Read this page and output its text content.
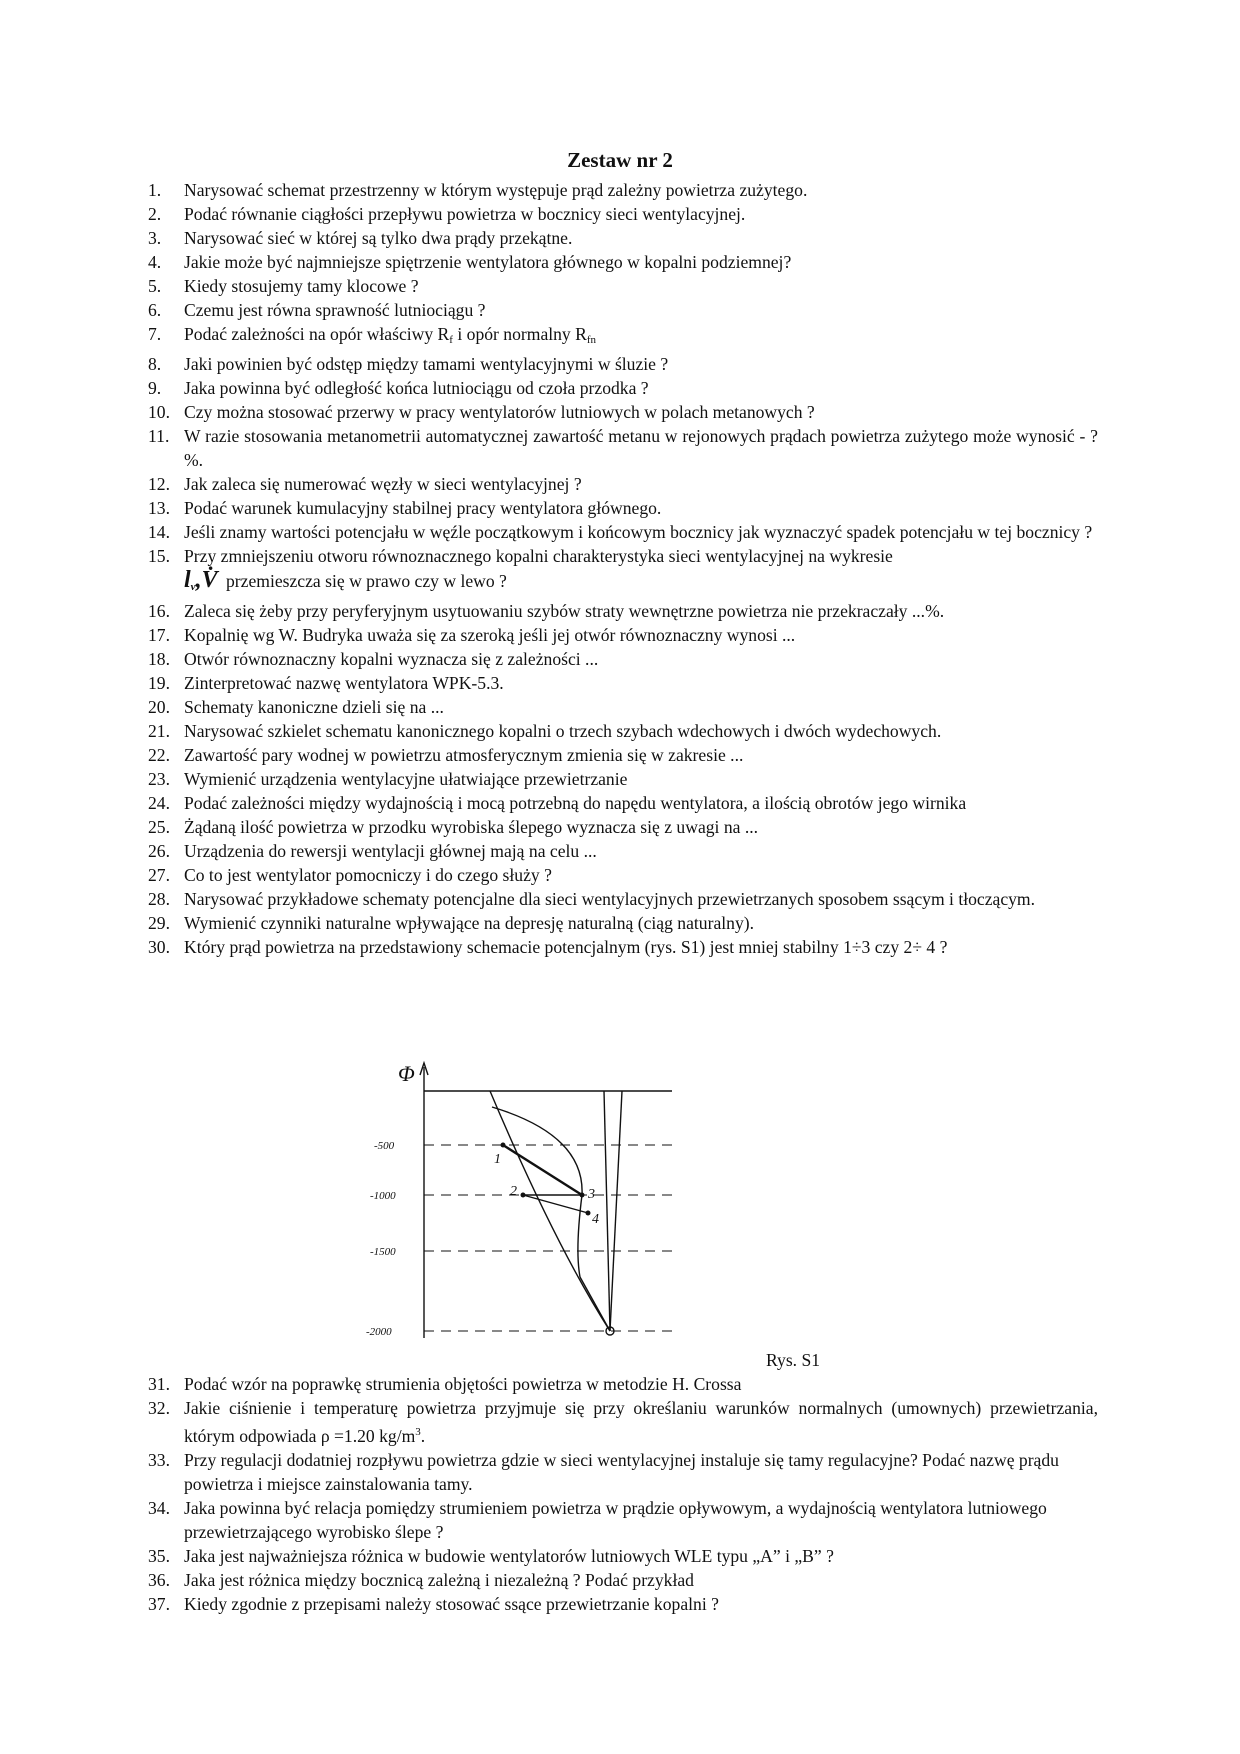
Zestaw nr 2
1.	Narysować schemat przestrzenny w którym występuje prąd zależny powietrza zużytego.
2.	Podać równanie ciągłości przepływu powietrza w bocznicy sieci wentylacyjnej.
3.	Narysować sieć w której są tylko dwa prądy przekątne.
4.	Jakie może być najmniejsze spiętrzenie wentylatora głównego w kopalni podziemnej?
5.	Kiedy stosujemy tamy klocowe ?
6.	Czemu jest równa sprawność lutniociągu ?
7.	Podać zależności na opór właściwy $R_f$ i opór normalny $R_{fn}$
8.	Jaki powinien być odstęp między tamami wentylacyjnymi w śluzie ?
9.	Jaka powinna być odległość końca lutniociągu od czoła przodka ?
10. Czy można stosować przerwy w pracy wentylatorów lutniowych w polach metanowych ?
11. W razie stosowania metanometrii automatycznej zawartość metanu w rejonowych prądach powietrza zużytego może wynosić - ? %.
12. Jak zaleca się numerować węzły w sieci wentylacyjnej ?
13. Podać warunek kumulacyjny stabilnej pracy wentylatora głównego.
14. Jeśli znamy wartości potencjału w węźle początkowym i końcowym bocznicy jak wyznaczyć spadek potencjału w tej bocznicy ?
15. Przy zmniejszeniu otworu równoznacznego kopalni charakterystyka sieci wentylacyjnej na wykresie
$l_v,V̇$ przemieszcza się w prawo czy w lewo ?
16. Zaleca się żeby przy peryferyjnym usytuowaniu szybów straty wewnętrzne powietrza nie przekraczały ...%.
17. Kopalnię wg W. Budryka uważa się za szeroką jeśli jej otwór równoznaczny wynosi ...
18. Otwór równoznaczny kopalni wyznacza się z zależności ...
19. Zinterpretować nazwę wentylatora WPK-5.3.
20. Schematy kanoniczne dzieli się na ...
21. Narysować szkielet schematu kanonicznego kopalni o trzech szybach wdechowych i dwóch wydechowych.
22. Zawartość pary wodnej w powietrzu atmosferycznym zmienia się w zakresie ...
23. Wymienić urządzenia wentylacyjne ułatwiające przewietrzanie
24. Podać zależności między wydajnością i mocą potrzebną do napędu wentylatora, a ilością obrotów jego wirnika
25. Żądaną ilość powietrza w przodku wyrobiska ślepego wyznacza się z uwagi na ...
26. Urządzenia do rewersji wentylacji głównej mają na celu ...
27. Co to jest wentylator pomocniczy i do czego służy ?
28. Narysować przykładowe schematy potencjalne dla sieci wentylacyjnych przewietrzanych sposobem ssącym i tłoczącym.
29. Wymienić czynniki naturalne wpływające na depresję naturalną (ciąg naturalny).
30. Który prąd powietrza na przedstawiony schemacie potencjalnym (rys. S1) jest mniej stabilny 1÷3 czy 2÷ 4 ?
Φ
-500
-1000
-1500
-2000
1
2	3
4
Rys. S1
31. Podać wzór na poprawkę strumienia objętości powietrza w metodzie H. Crossa
32. Jakie ciśnienie i temperaturę powietrza przyjmuje się przy określaniu warunków normalnych (umownych) przewietrzania, którym odpowiada ρ =1.20 $kg/m^3$.
33. Przy regulacji dodatniej rozpływu powietrza gdzie w sieci wentylacyjnej instaluje się tamy regulacyjne? Podać nazwę prądu powietrza i miejsce zainstalowania tamy.
34. Jaka powinna być relacja pomiędzy strumieniem powietrza w prądzie opływowym, a wydajnością wentylatora lutniowego przewietrzającego wyrobisko ślepe ?
35. Jaka jest najważniejsza różnica w budowie wentylatorów lutniowych WLE typu „A” i „B” ?
36. Jaka jest różnica między bocznicą zależną i niezależną ? Podać przykład
37. Kiedy zgodnie z przepisami należy stosować ssące przewietrzanie kopalni ?
